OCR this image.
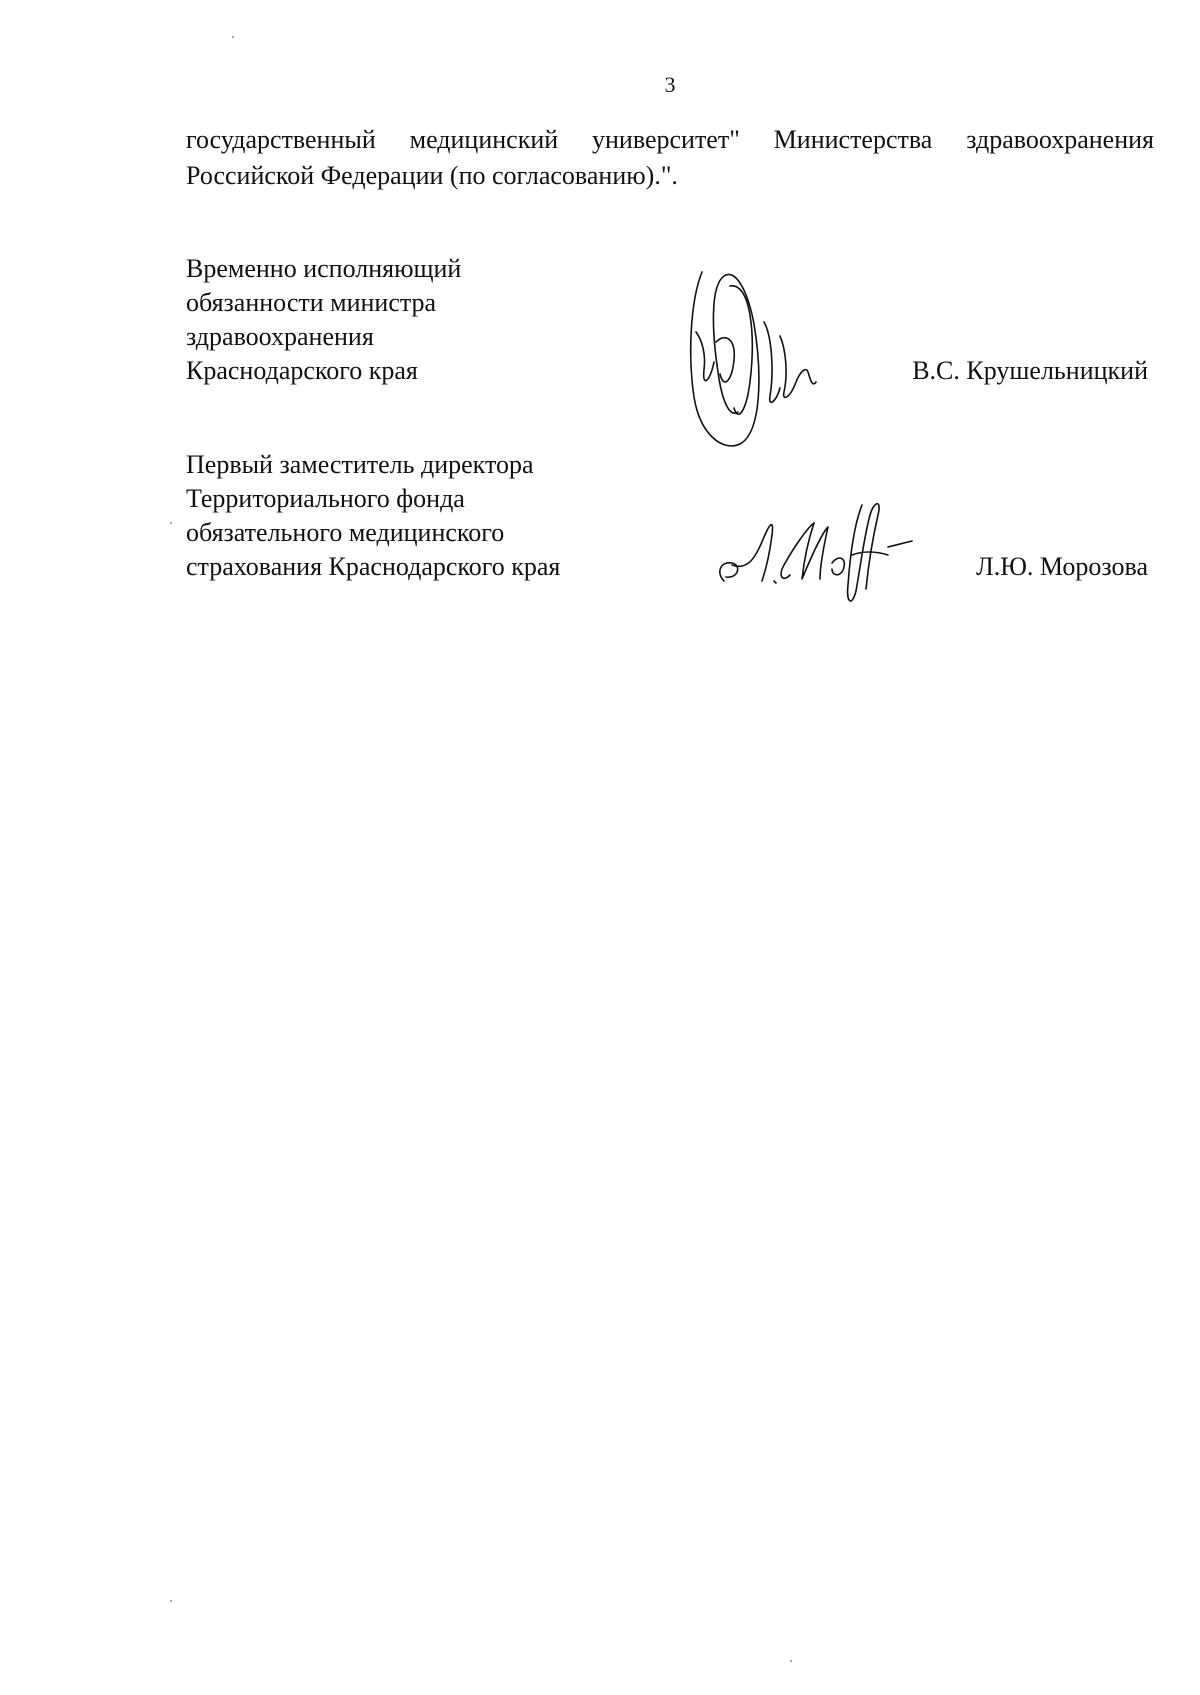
3
государственный медицинский университет" Министерства здравоохранения
Российской Федерации (по согласованию).".
Временно исполняющий
обязанности министра
здравоохранения
Краснодарского края	В.С. Крушельницкий
Первый заместитель директора
Территориального фонда
обязательного медицинского
страхования Краснодарского края	Л.Ю. Морозова
